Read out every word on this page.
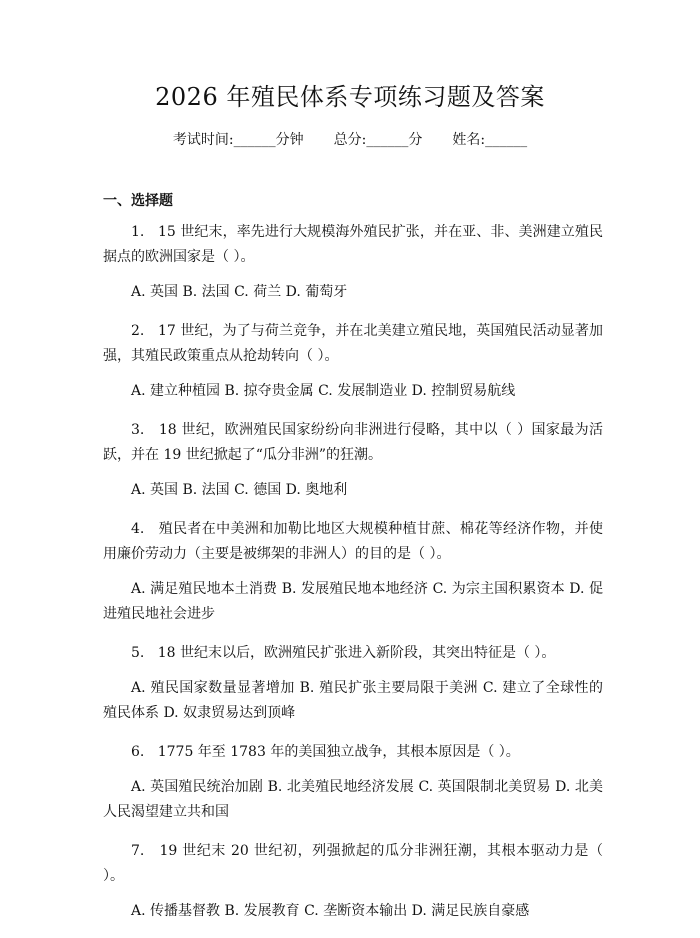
2026 年殖民体系专项练习题及答案
考试时间:______分钟 总分:______分 姓名:______
一、选择题

1. 15 世纪末，率先进行大规模海外殖民扩张，并在亚、非、美洲建立殖民据点的欧洲国家是（ ）。

A. 英国 B. 法国 C. 荷兰 D. 葡萄牙

2. 17 世纪，为了与荷兰竞争，并在北美建立殖民地，英国殖民活动显著加强，其殖民政策重点从抢劫转向（ ）。

A. 建立种植园 B. 掠夺贵金属 C. 发展制造业 D. 控制贸易航线

3. 18 世纪，欧洲殖民国家纷纷向非洲进行侵略，其中以（ ）国家最为活跃，并在 19 世纪掀起了“瓜分非洲”的狂潮。

A. 英国 B. 法国 C. 德国 D. 奥地利

4. 殖民者在中美洲和加勒比地区大规模种植甘蔗、棉花等经济作物，并使用廉价劳动力（主要是被绑架的非洲人）的目的是（ ）。

A. 满足殖民地本土消费 B. 发展殖民地本地经济 C. 为宗主国积累资本 D. 促进殖民地社会进步

5. 18 世纪末以后，欧洲殖民扩张进入新阶段，其突出特征是（ ）。

A. 殖民国家数量显著增加 B. 殖民扩张主要局限于美洲 C. 建立了全球性的殖民体系 D. 奴隶贸易达到顶峰

6. 1775 年至 1783 年的美国独立战争，其根本原因是（ ）。

A. 英国殖民统治加剧 B. 北美殖民地经济发展 C. 英国限制北美贸易 D. 北美人民渴望建立共和国

7. 19 世纪末 20 世纪初，列强掀起的瓜分非洲狂潮，其根本驱动力是（ ）。

A. 传播基督教 B. 发展教育 C. 垄断资本输出 D. 满足民族自豪感
